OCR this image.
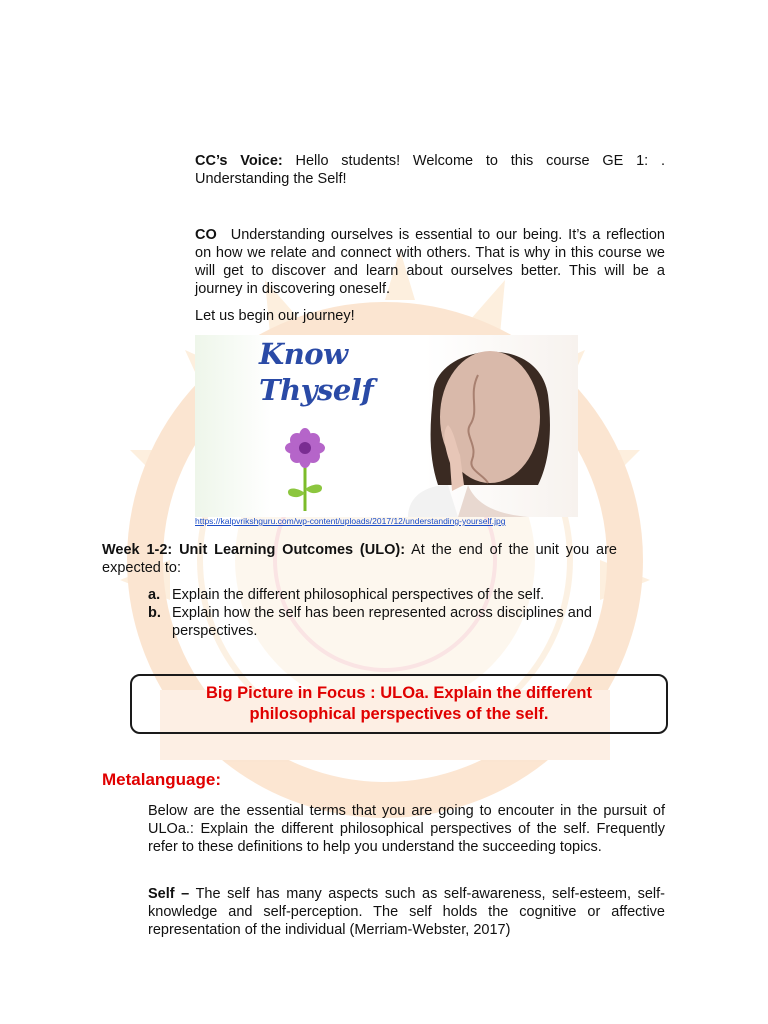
CC’s Voice: Hello students! Welcome to this course GE 1: . Understanding the Self!

CO Understanding ourselves is essential to our being. It’s a reflection on how we relate and connect with others. That is why in this course we will get to discover and learn about ourselves better. This will be a journey in discovering oneself.

Let us begin our journey!

Know
Thyself
https://kalpvrikshguru.com/wp-content/uploads/2017/12/understanding-yourself.jpg

Week 1-2: Unit Learning Outcomes (ULO): At the end of the unit you are expected to:

a. Explain the different philosophical perspectives of the self.
b. Explain how the self has been represented across disciplines and perspectives.
Big Picture in Focus : ULOa. Explain the different philosophical perspectives of the self.
Metalanguage:

Below are the essential terms that you are going to encouter in the pursuit of ULOa.: Explain the different philosophical perspectives of the self. Frequently refer to these definitions to help you understand the succeeding topics.

Self – The self has many aspects such as self-awareness, self-esteem, self-knowledge and self-perception. The self holds the cognitive or affective representation of the individual (Merriam-Webster, 2017)
